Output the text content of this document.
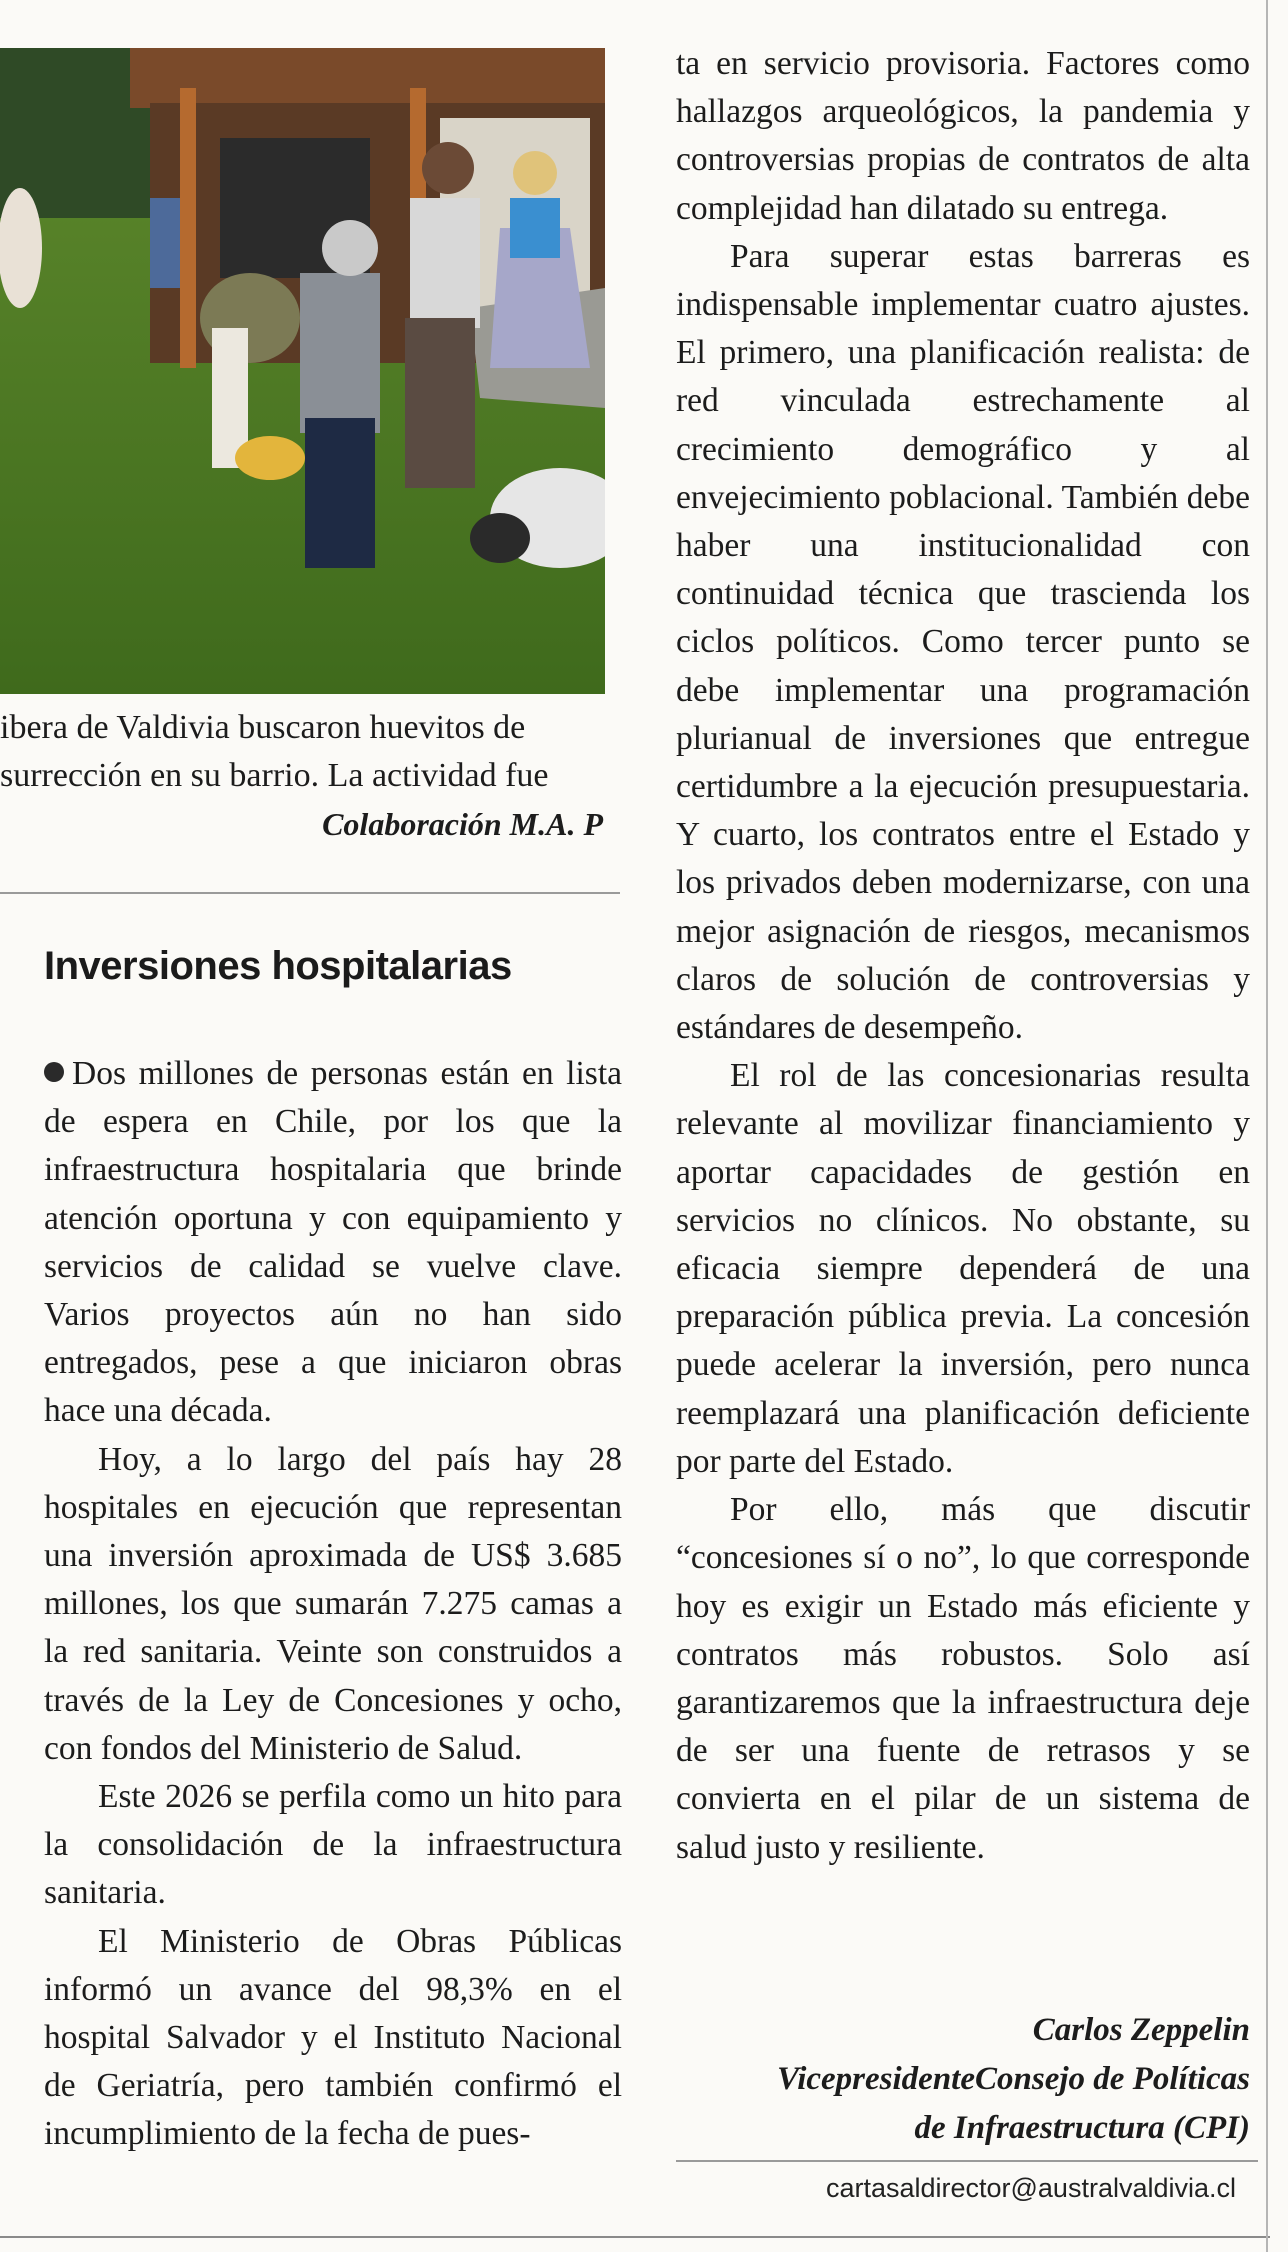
ibera de Valdivia buscaron huevitos de
surrección en su barrio. La actividad fue
Colaboración M.A. P
Inversiones hospitalarias

Dos millones de personas están en lista de espera en Chile, por los que la infraestructura hospitalaria que brinde atención oportuna y con equipamiento y servicios de calidad se vuelve clave. Varios proyectos aún no han sido entregados, pese a que iniciaron obras hace una década.

Hoy, a lo largo del país hay 28 hospitales en ejecución que representan una inversión aproximada de US$ 3.685 millones, los que sumarán 7.275 camas a la red sanitaria. Veinte son construidos a través de la Ley de Concesiones y ocho, con fondos del Ministerio de Salud.

Este 2026 se perfila como un hito para la consolidación de la infraestructura sanitaria.

El Ministerio de Obras Públicas informó un avance del 98,3% en el hospital Salvador y el Instituto Nacional de Geriatría, pero también confirmó el incumplimiento de la fecha de pues-

ta en servicio provisoria. Factores como hallazgos arqueológicos, la pandemia y controversias propias de contratos de alta complejidad han dilatado su entrega.

Para superar estas barreras es indispensable implementar cuatro ajustes. El primero, una planificación realista: de red vinculada estrechamente al crecimiento demográfico y al envejecimiento poblacional. También debe haber una institucionalidad con continuidad técnica que trascienda los ciclos políticos. Como tercer punto se debe implementar una programación plurianual de inversiones que entregue certidumbre a la ejecución presupuestaria. Y cuarto, los contratos entre el Estado y los privados deben modernizarse, con una mejor asignación de riesgos, mecanismos claros de solución de controversias y estándares de desempeño.

El rol de las concesionarias resulta relevante al movilizar financiamiento y aportar capacidades de gestión en servicios no clínicos. No obstante, su eficacia siempre dependerá de una preparación pública previa. La concesión puede acelerar la inversión, pero nunca reemplazará una planificación deficiente por parte del Estado.

Por ello, más que discutir “concesiones sí o no”, lo que corresponde hoy es exigir un Estado más eficiente y contratos más robustos. Solo así garantizaremos que la infraestructura deje de ser una fuente de retrasos y se convierta en el pilar de un sistema de salud justo y resiliente.

Carlos Zeppelin
VicepresidenteConsejo de Políticas
de Infraestructura (CPI)
cartasaldirector@australvaldivia.cl
